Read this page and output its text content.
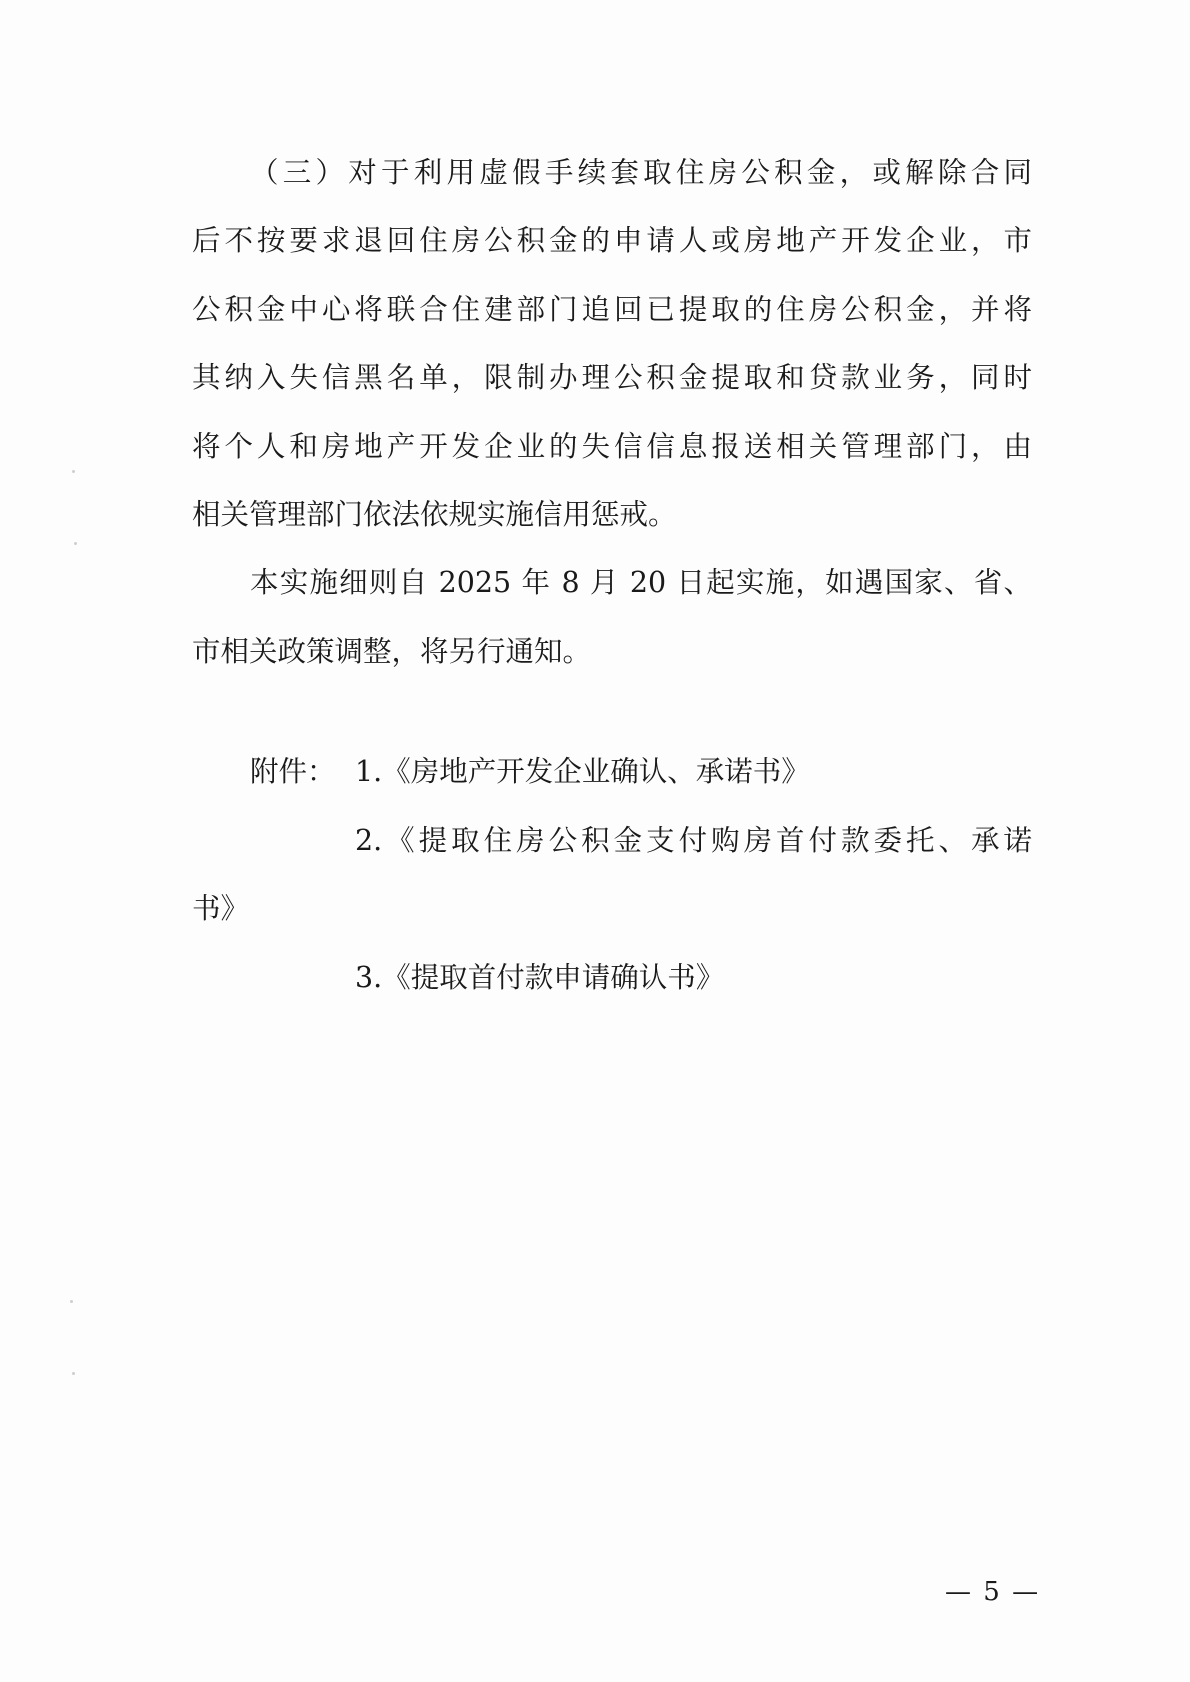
（三）对于利用虚假手续套取住房公积金，或解除合同
后不按要求退回住房公积金的申请人或房地产开发企业，市
公积金中心将联合住建部门追回已提取的住房公积金，并将
其纳入失信黑名单，限制办理公积金提取和贷款业务，同时
将个人和房地产开发企业的失信信息报送相关管理部门，由
相关管理部门依法依规实施信用惩戒。
本实施细则自 2025 年 8 月 20 日起实施，如遇国家、省、
市相关政策调整，将另行通知。
附件： 1.《房地产开发企业确认、承诺书》
2.《提取住房公积金支付购房首付款委托、承诺
书》
3.《提取首付款申请确认书》
— 5 —
